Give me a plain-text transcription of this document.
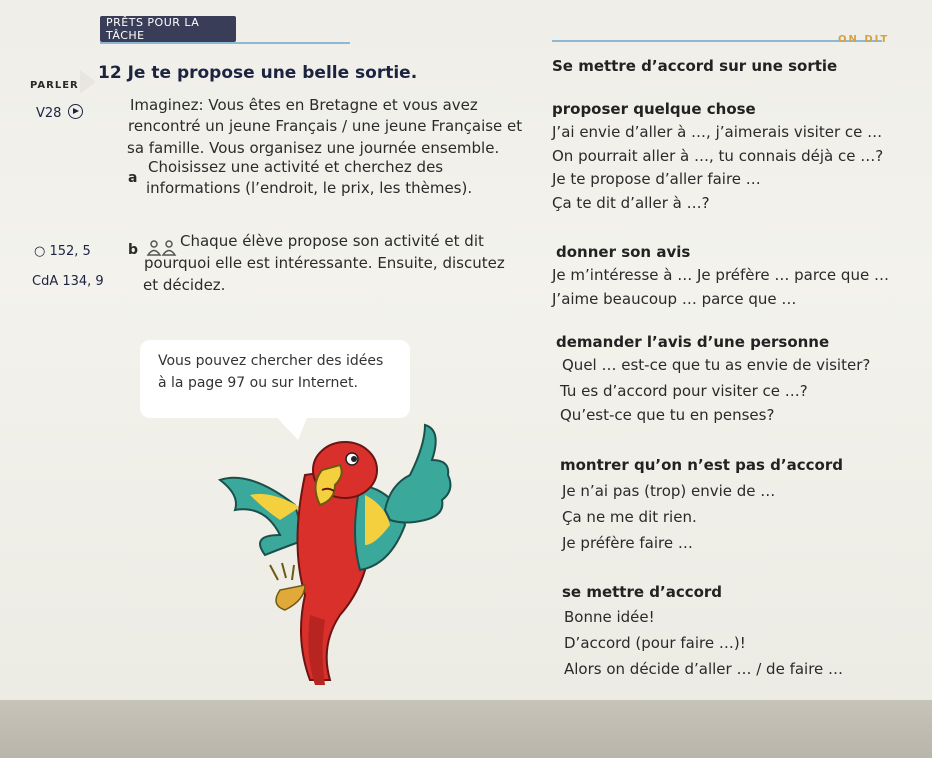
PRÊTS POUR LA TÂCHE	ON DIT
PARLER
12 Je te propose une belle sortie.
V28	Imaginez: Vous êtes en Bretagne et vous avez
rencontré un jeune Français / une jeune Française et
sa famille. Vous organisez une journée ensemble.
a
Choisissez une activité et cherchez des
informations (l’endroit, le prix, les thèmes).
○ 152, 5
CdA 134, 9
b	Chaque élève propose son activité et dit
pourquoi elle est intéressante. Ensuite, discutez
et décidez.
Vous pouvez chercher des idées
à la page 97 ou sur Internet.
Se mettre d’accord sur une sortie
proposer quelque chose
J’ai envie d’aller à …, j’aimerais visiter ce …
On pourrait aller à …, tu connais déjà ce …?
Je te propose d’aller faire …
Ça te dit d’aller à …?
donner son avis
Je m’intéresse à … Je préfère … parce que …
J’aime beaucoup … parce que …
demander l’avis d’une personne
Quel … est-ce que tu as envie de visiter?
Tu es d’accord pour visiter ce …?
Qu’est-ce que tu en penses?
montrer qu’on n’est pas d’accord
Je n’ai pas (trop) envie de …
Ça ne me dit rien.
Je préfère faire …
se mettre d’accord
Bonne idée!
D’accord (pour faire …)!
Alors on décide d’aller … / de faire …
